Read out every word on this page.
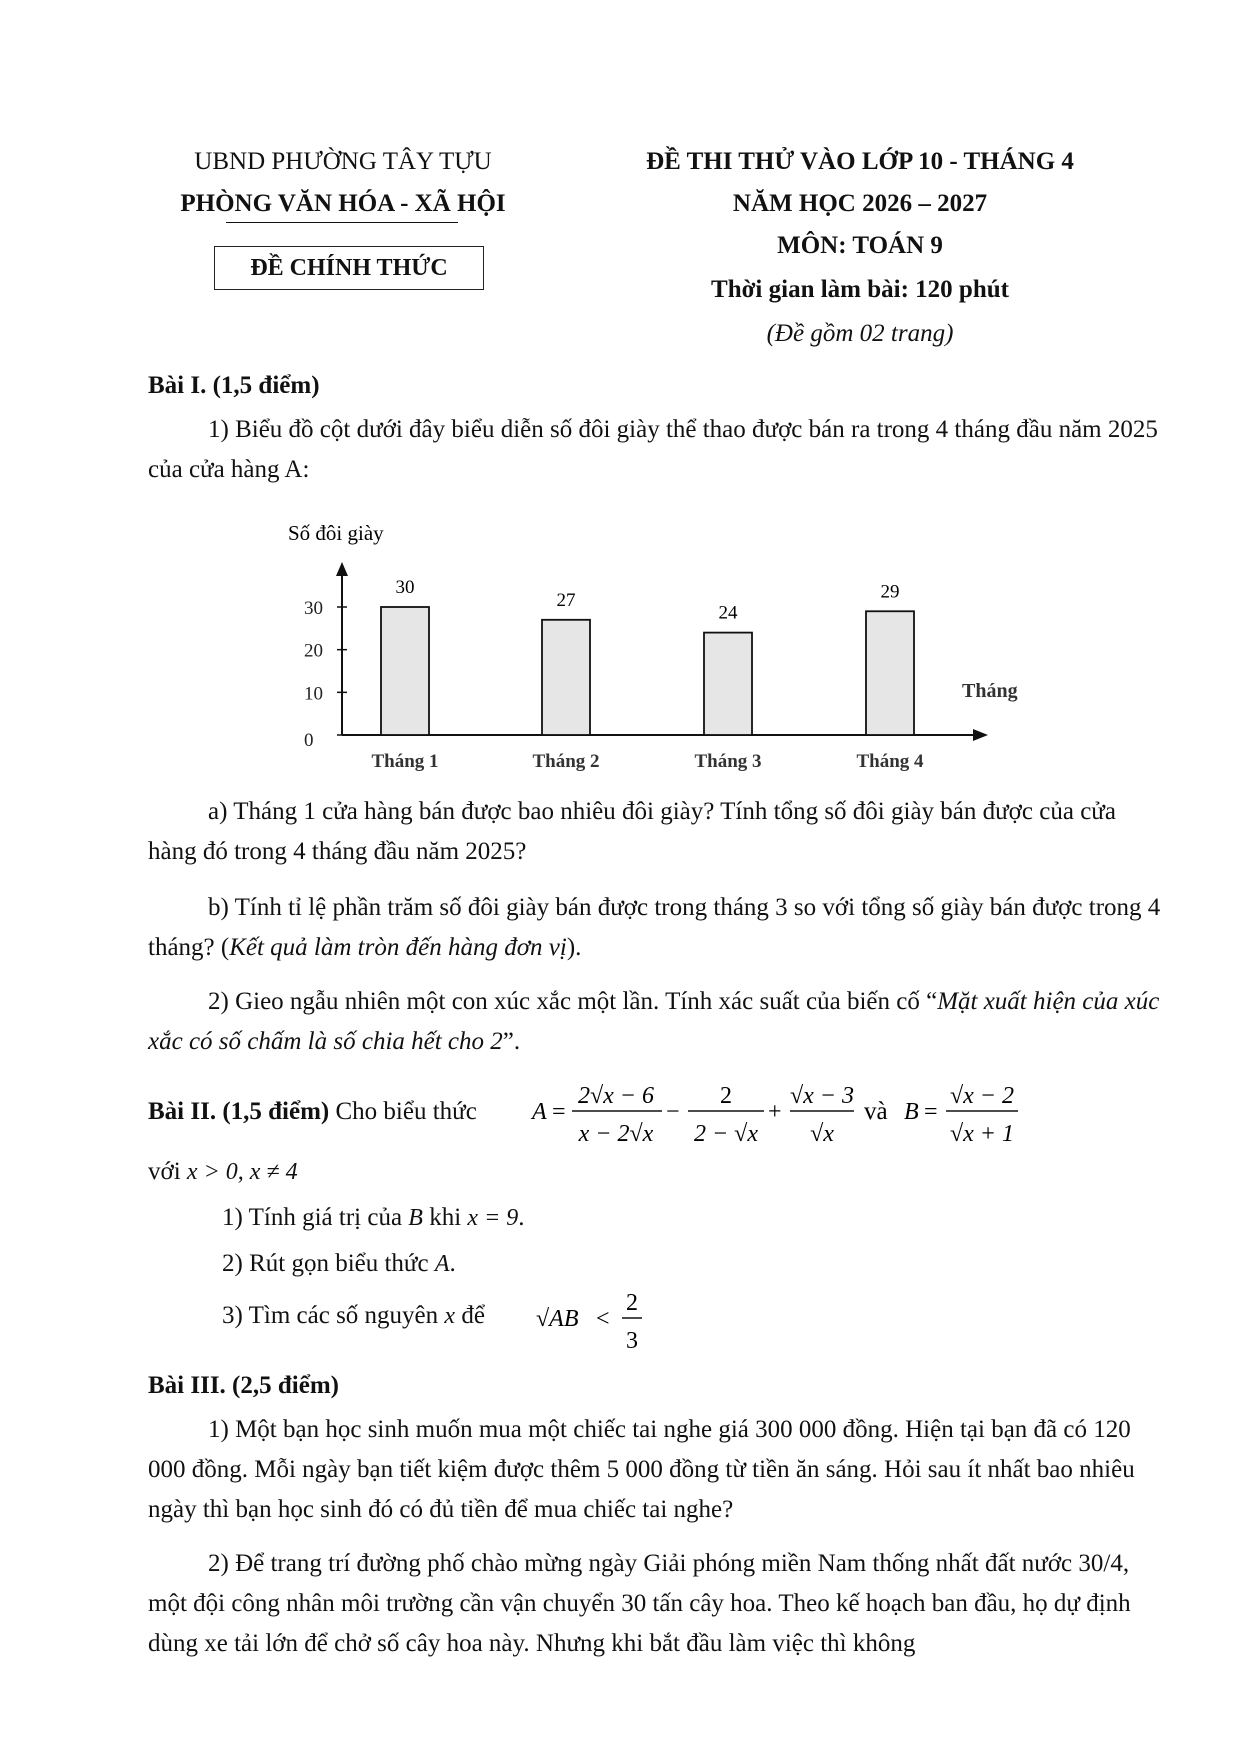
UBND PHƯỜNG TÂY TỰU
PHÒNG VĂN HÓA - XÃ HỘI
ĐỀ CHÍNH THỨC
ĐỀ THI THỬ VÀO LỚP 10 - THÁNG 4
NĂM HỌC 2026 – 2027
MÔN: TOÁN 9
Thời gian làm bài: 120 phút
(Đề gồm 02 trang)
Bài I. (1,5 điểm)
1) Biểu đồ cột dưới đây biểu diễn số đôi giày thể thao được bán ra trong 4 tháng đầu năm 2025 của cửa hàng A:
Số đôi giày
Tháng
0
10
20
30
30
Tháng 1
27
Tháng 2
24
Tháng 3
29
Tháng 4
a) Tháng 1 cửa hàng bán được bao nhiêu đôi giày? Tính tổng số đôi giày bán được của cửa hàng đó trong 4 tháng đầu năm 2025?
b) Tính tỉ lệ phần trăm số đôi giày bán được trong tháng 3 so với tổng số giày bán được trong 4 tháng? (Kết quả làm tròn đến hàng đơn vị).
2) Gieo ngẫu nhiên một con xúc xắc một lần. Tính xác suất của biến cố “Mặt xuất hiện của xúc xắc có số chấm là số chia hết cho 2”.
Bài II. (1,5 điểm) Cho biểu thức A =
2√x − 6
x − 2√x
−
2
2 − √x
+
√x − 3
√x
và B =
√x − 2
√x + 1
với x > 0, x ≠ 4
1) Tính giá trị của B khi x = 9.
2) Rút gọn biểu thức A.
3) Tìm các số nguyên x để √AB <
2
3
Bài III. (2,5 điểm)
1) Một bạn học sinh muốn mua một chiếc tai nghe giá 300 000 đồng. Hiện tại bạn đã có 120 000 đồng. Mỗi ngày bạn tiết kiệm được thêm 5 000 đồng từ tiền ăn sáng. Hỏi sau ít nhất bao nhiêu ngày thì bạn học sinh đó có đủ tiền để mua chiếc tai nghe?
2) Để trang trí đường phố chào mừng ngày Giải phóng miền Nam thống nhất đất nước 30/4, một đội công nhân môi trường cần vận chuyển 30 tấn cây hoa. Theo kế hoạch ban đầu, họ dự định dùng xe tải lớn để chở số cây hoa này. Nhưng khi bắt đầu làm việc thì không
